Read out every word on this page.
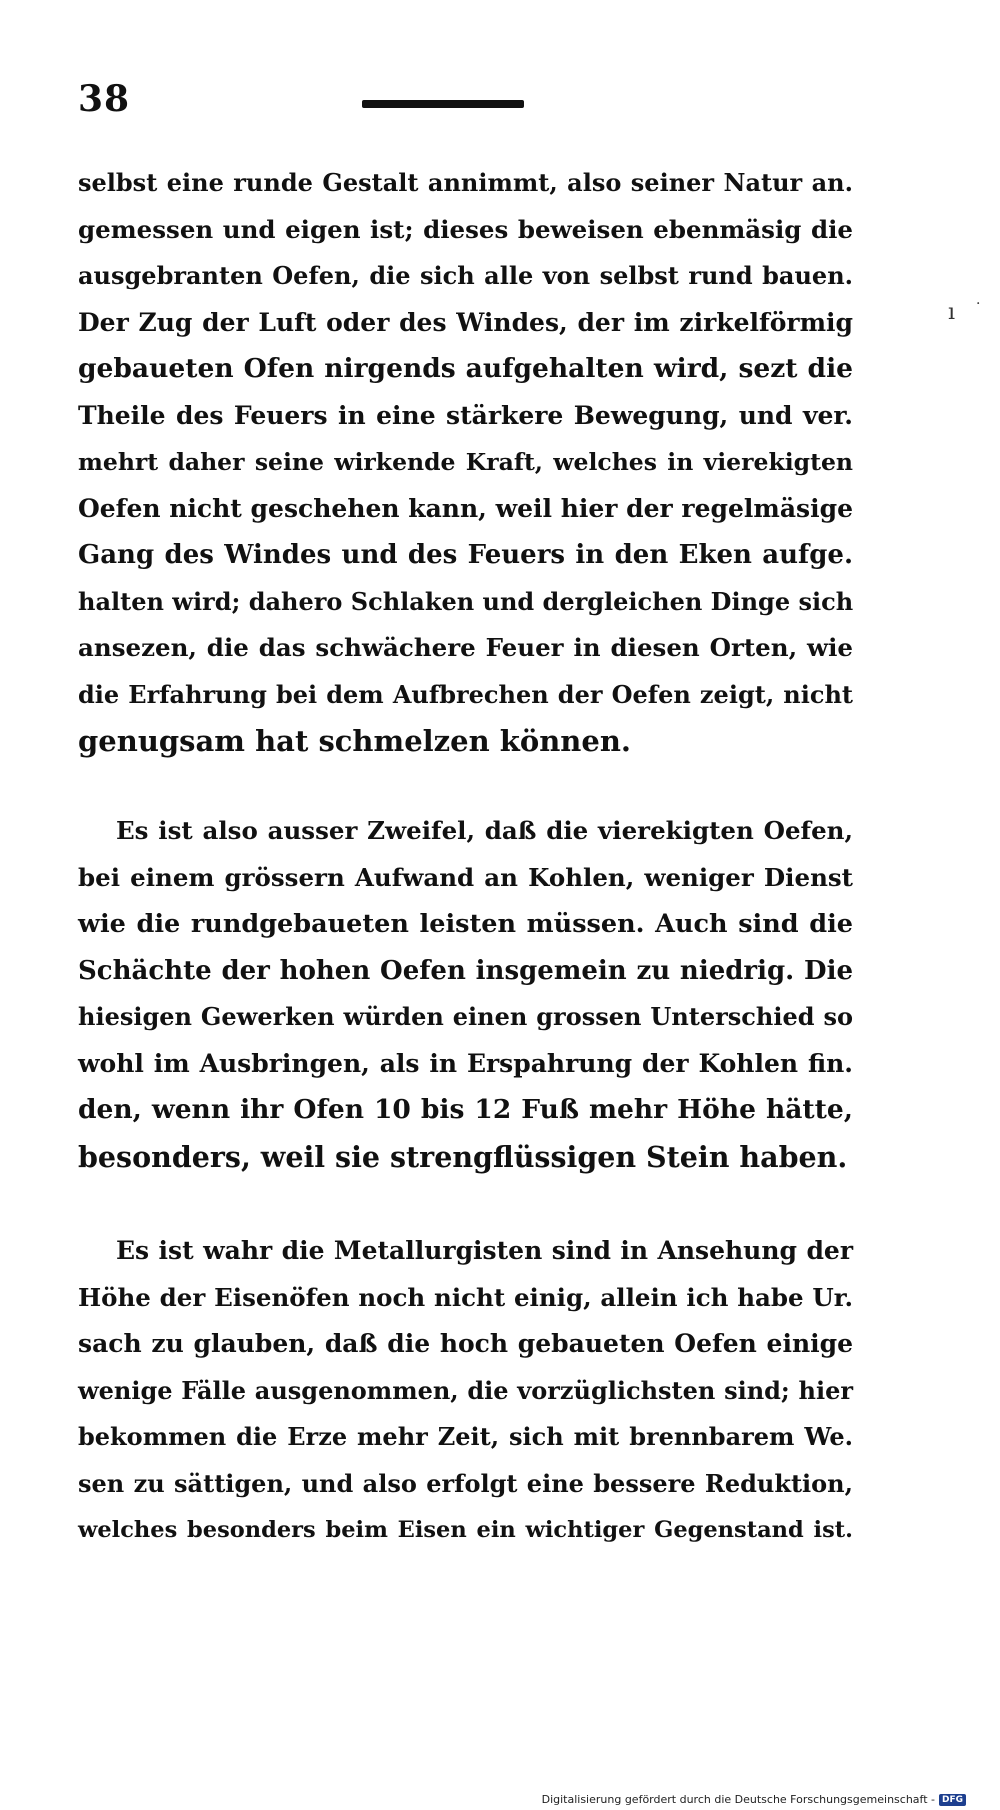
38
selbst eine runde Gestalt annimmt, also seiner Natur an.
gemessen und eigen ist; dieses beweisen ebenmäsig die
ausgebranten Oefen, die sich alle von selbst rund bauen.
Der Zug der Luft oder des Windes, der im zirkelförmig
gebaueten Ofen nirgends aufgehalten wird, sezt die
Theile des Feuers in eine stärkere Bewegung, und ver.
mehrt daher seine wirkende Kraft, welches in vierekigten
Oefen nicht geschehen kann, weil hier der regelmäsige
Gang des Windes und des Feuers in den Eken aufge.
halten wird; dahero Schlaken und dergleichen Dinge sich
ansezen, die das schwächere Feuer in diesen Orten, wie
die Erfahrung bei dem Aufbrechen der Oefen zeigt, nicht
genugsam hat schmelzen können.
Es ist also ausser Zweifel, daß die vierekigten Oefen,
bei einem grössern Aufwand an Kohlen, weniger Dienst
wie die rundgebaueten leisten müssen. Auch sind die
Schächte der hohen Oefen insgemein zu niedrig. Die
hiesigen Gewerken würden einen grossen Unterschied so
wohl im Ausbringen, als in Erspahrung der Kohlen fin.
den, wenn ihr Ofen 10 bis 12 Fuß mehr Höhe hätte,
besonders, weil sie strengflüssigen Stein haben.
Es ist wahr die Metallurgisten sind in Ansehung der
Höhe der Eisenöfen noch nicht einig, allein ich habe Ur.
sach zu glauben, daß die hoch gebaueten Oefen einige
wenige Fälle ausgenommen, die vorzüglichsten sind; hier
bekommen die Erze mehr Zeit, sich mit brennbarem We.
sen zu sättigen, und also erfolgt eine bessere Reduktion,
welches besonders beim Eisen ein wichtiger Gegenstand ist.
ı ·
Digitalisierung gefördert durch die Deutsche Forschungsgemeinschaft - DFG
